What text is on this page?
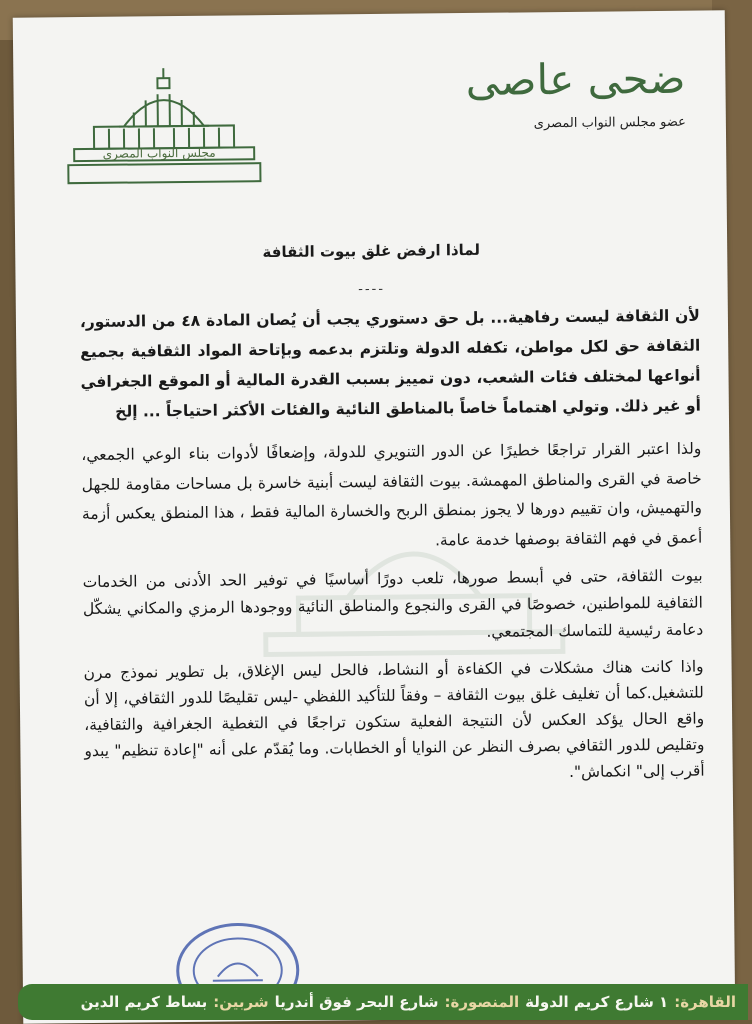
مجلس النواب المصرى
ضحى عاصى
عضو مجلس النواب المصرى
لماذا ارفض غلق بيوت الثقافة
----

لأن الثقافة ليست رفاهية... بل حق دستوري يجب أن يُصان المادة ٤٨ من الدستور، الثقافة حق لكل مواطن، تكفله الدولة وتلتزم بدعمه وبإتاحة المواد الثقافية بجميع أنواعها لمختلف فئات الشعب، دون تمييز بسبب القدرة المالية أو الموقع الجغرافي أو غير ذلك. وتولي اهتماماً خاصاً بالمناطق النائية والفئات الأكثر احتياجاً ... إلخ

ولذا اعتبر القرار تراجعًا خطيرًا عن الدور التنويري للدولة، وإضعافًا لأدوات بناء الوعي الجمعي، خاصة في القرى والمناطق المهمشة. بيوت الثقافة ليست أبنية خاسرة بل مساحات مقاومة للجهل والتهميش، وان تقييم دورها لا يجوز بمنطق الربح والخسارة المالية فقط ، هذا المنطق يعكس أزمة أعمق في فهم الثقافة بوصفها خدمة عامة.

بيوت الثقافة، حتى في أبسط صورها، تلعب دورًا أساسيًا في توفير الحد الأدنى من الخدمات الثقافية للمواطنين، خصوصًا في القرى والنجوع والمناطق النائية ووجودها الرمزي والمكاني يشكّل دعامة رئيسية للتماسك المجتمعي.

واذا كانت هناك مشكلات في الكفاءة أو النشاط، فالحل ليس الإغلاق، بل تطوير نموذج مرن للتشغيل.كما أن تغليف غلق بيوت الثقافة – وفقاً للتأكيد اللفظي -ليس تقليصًا للدور الثقافي، إلا أن واقع الحال يؤكد العكس لأن النتيجة الفعلية ستكون تراجعًا في التغطية الجغرافية والثقافية، وتقليص للدور الثقافي بصرف النظر عن النوايا أو الخطابات. وما يُقدّم على أنه "إعادة تنظيم" يبدو أقرب إلى" انكماش".

القاهرة:
١ شارع كريم الدولة
المنصورة:
شارع البحر فوق أندريا
شربين:
بساط كريم الدين
